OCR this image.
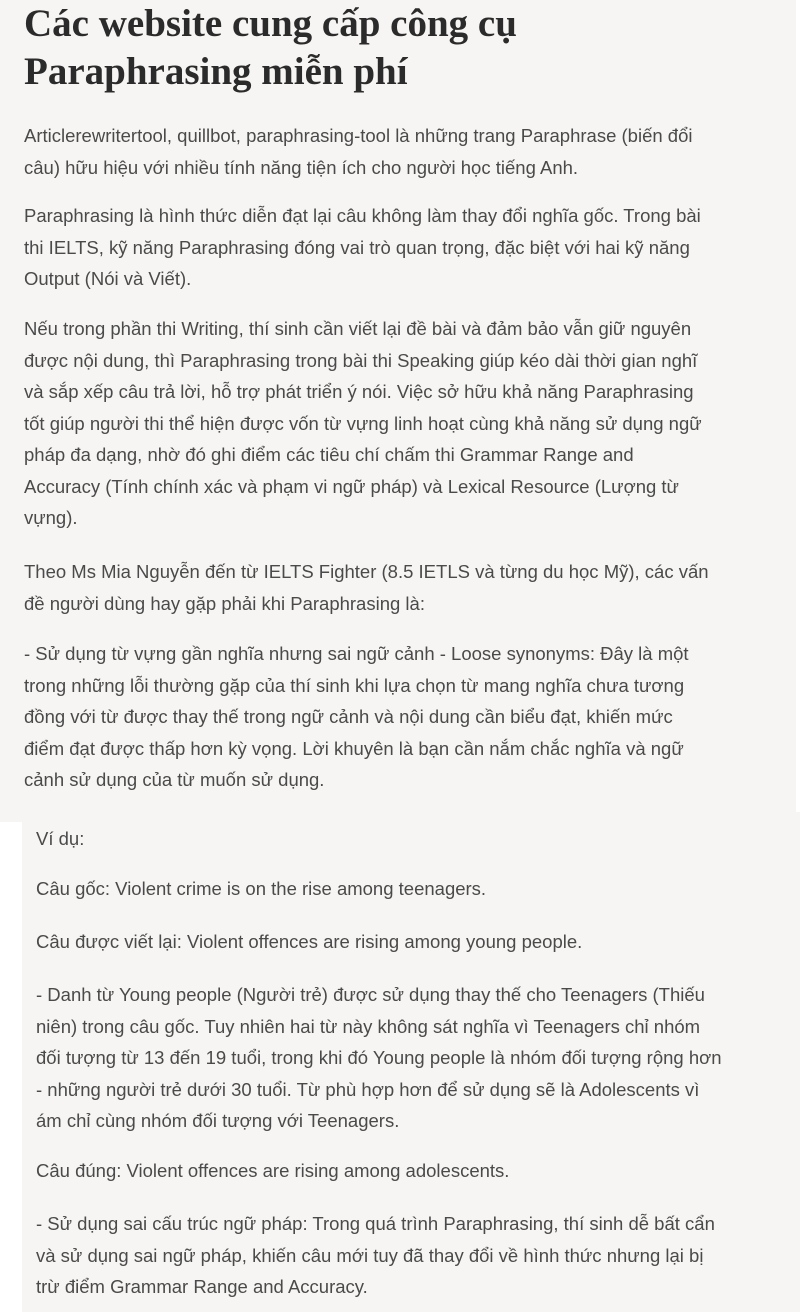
Các website cung cấp công cụ
Paraphrasing miễn phí

Articlerewritertool, quillbot, paraphrasing-tool là những trang Paraphrase (biến đổi
câu) hữu hiệu với nhiều tính năng tiện ích cho người học tiếng Anh.

Paraphrasing là hình thức diễn đạt lại câu không làm thay đổi nghĩa gốc. Trong bài
thi IELTS, kỹ năng Paraphrasing đóng vai trò quan trọng, đặc biệt với hai kỹ năng
Output (Nói và Viết).

Nếu trong phần thi Writing, thí sinh cần viết lại đề bài và đảm bảo vẫn giữ nguyên
được nội dung, thì Paraphrasing trong bài thi Speaking giúp kéo dài thời gian nghĩ
và sắp xếp câu trả lời, hỗ trợ phát triển ý nói. Việc sở hữu khả năng Paraphrasing
tốt giúp người thi thể hiện được vốn từ vựng linh hoạt cùng khả năng sử dụng ngữ
pháp đa dạng, nhờ đó ghi điểm các tiêu chí chấm thi Grammar Range and
Accuracy (Tính chính xác và phạm vi ngữ pháp) và Lexical Resource (Lượng từ
vựng).

Theo Ms Mia Nguyễn đến từ IELTS Fighter (8.5 IETLS và từng du học Mỹ), các vấn
đề người dùng hay gặp phải khi Paraphrasing là:

- Sử dụng từ vựng gần nghĩa nhưng sai ngữ cảnh - Loose synonyms: Đây là một
trong những lỗi thường gặp của thí sinh khi lựa chọn từ mang nghĩa chưa tương
đồng với từ được thay thế trong ngữ cảnh và nội dung cần biểu đạt, khiến mức
điểm đạt được thấp hơn kỳ vọng. Lời khuyên là bạn cần nắm chắc nghĩa và ngữ
cảnh sử dụng của từ muốn sử dụng.

Ví dụ:

Câu gốc: Violent crime is on the rise among teenagers.

Câu được viết lại: Violent offences are rising among young people.

- Danh từ Young people (Người trẻ) được sử dụng thay thế cho Teenagers (Thiếu
niên) trong câu gốc. Tuy nhiên hai từ này không sát nghĩa vì Teenagers chỉ nhóm
đối tượng từ 13 đến 19 tuổi, trong khi đó Young people là nhóm đối tượng rộng hơn
- những người trẻ dưới 30 tuổi. Từ phù hợp hơn để sử dụng sẽ là Adolescents vì
ám chỉ cùng nhóm đối tượng với Teenagers.

Câu đúng: Violent offences are rising among adolescents.

- Sử dụng sai cấu trúc ngữ pháp: Trong quá trình Paraphrasing, thí sinh dễ bất cẩn
và sử dụng sai ngữ pháp, khiến câu mới tuy đã thay đổi về hình thức nhưng lại bị
trừ điểm Grammar Range and Accuracy.
